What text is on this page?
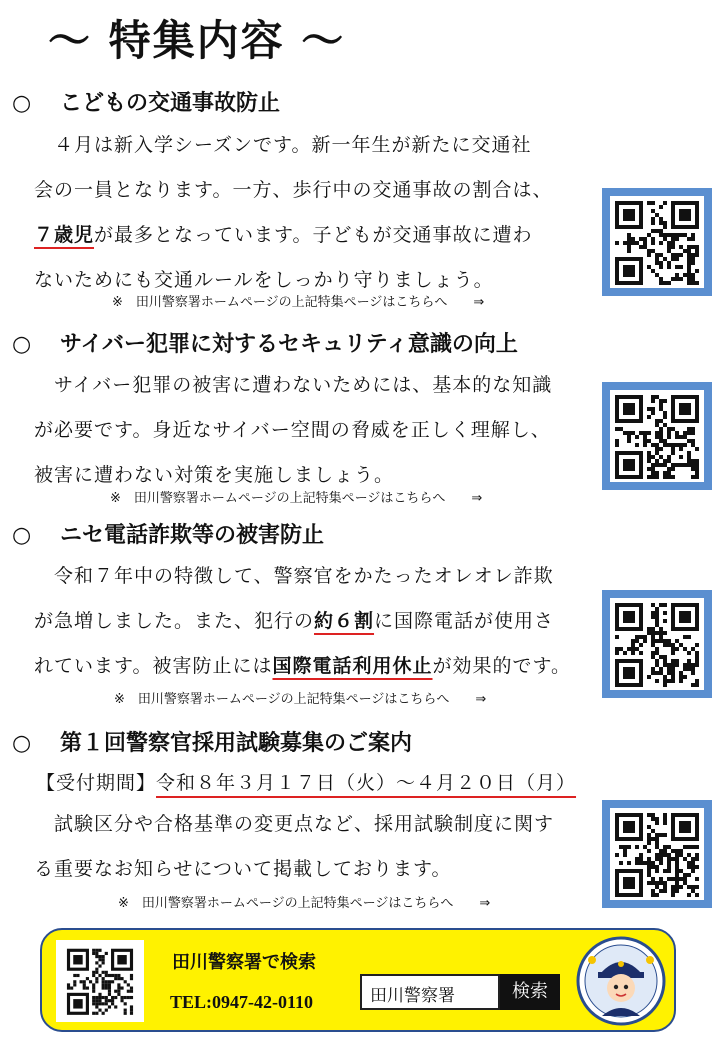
～ 特集内容 ～
○ こどもの交通事故防止
　４月は新入学シーズンです。新一年生が新たに交通社
会の一員となります。一方、歩行中の交通事故の割合は、
７歳児が最多となっています。子どもが交通事故に遭わ
ないためにも交通ルールをしっかり守りましょう。
※　田川警察署ホームページの上記特集ページはこちらへ ⇒
○ サイバー犯罪に対するセキュリティ意識の向上
　サイバー犯罪の被害に遭わないためには、基本的な知識
が必要です。身近なサイバー空間の脅威を正しく理解し、
被害に遭わない対策を実施しましょう。
※　田川警察署ホームページの上記特集ページはこちらへ ⇒
○ ニセ電話詐欺等の被害防止
　令和７年中の特徴して、警察官をかたったオレオレ詐欺
が急増しました。また、犯行の約６割に国際電話が使用さ
れています。被害防止には国際電話利用休止が効果的です。
※　田川警察署ホームページの上記特集ページはこちらへ ⇒
○ 第１回警察官採用試験募集のご案内
【受付期間】令和８年３月１７日（火）～４月２０日（月）
　試験区分や合格基準の変更点など、採用試験制度に関す
る重要なお知らせについて掲載しております。
※　田川警察署ホームページの上記特集ページはこちらへ ⇒
田川警察署で検索
TEL:0947-42-0110	田川警察署	検索
